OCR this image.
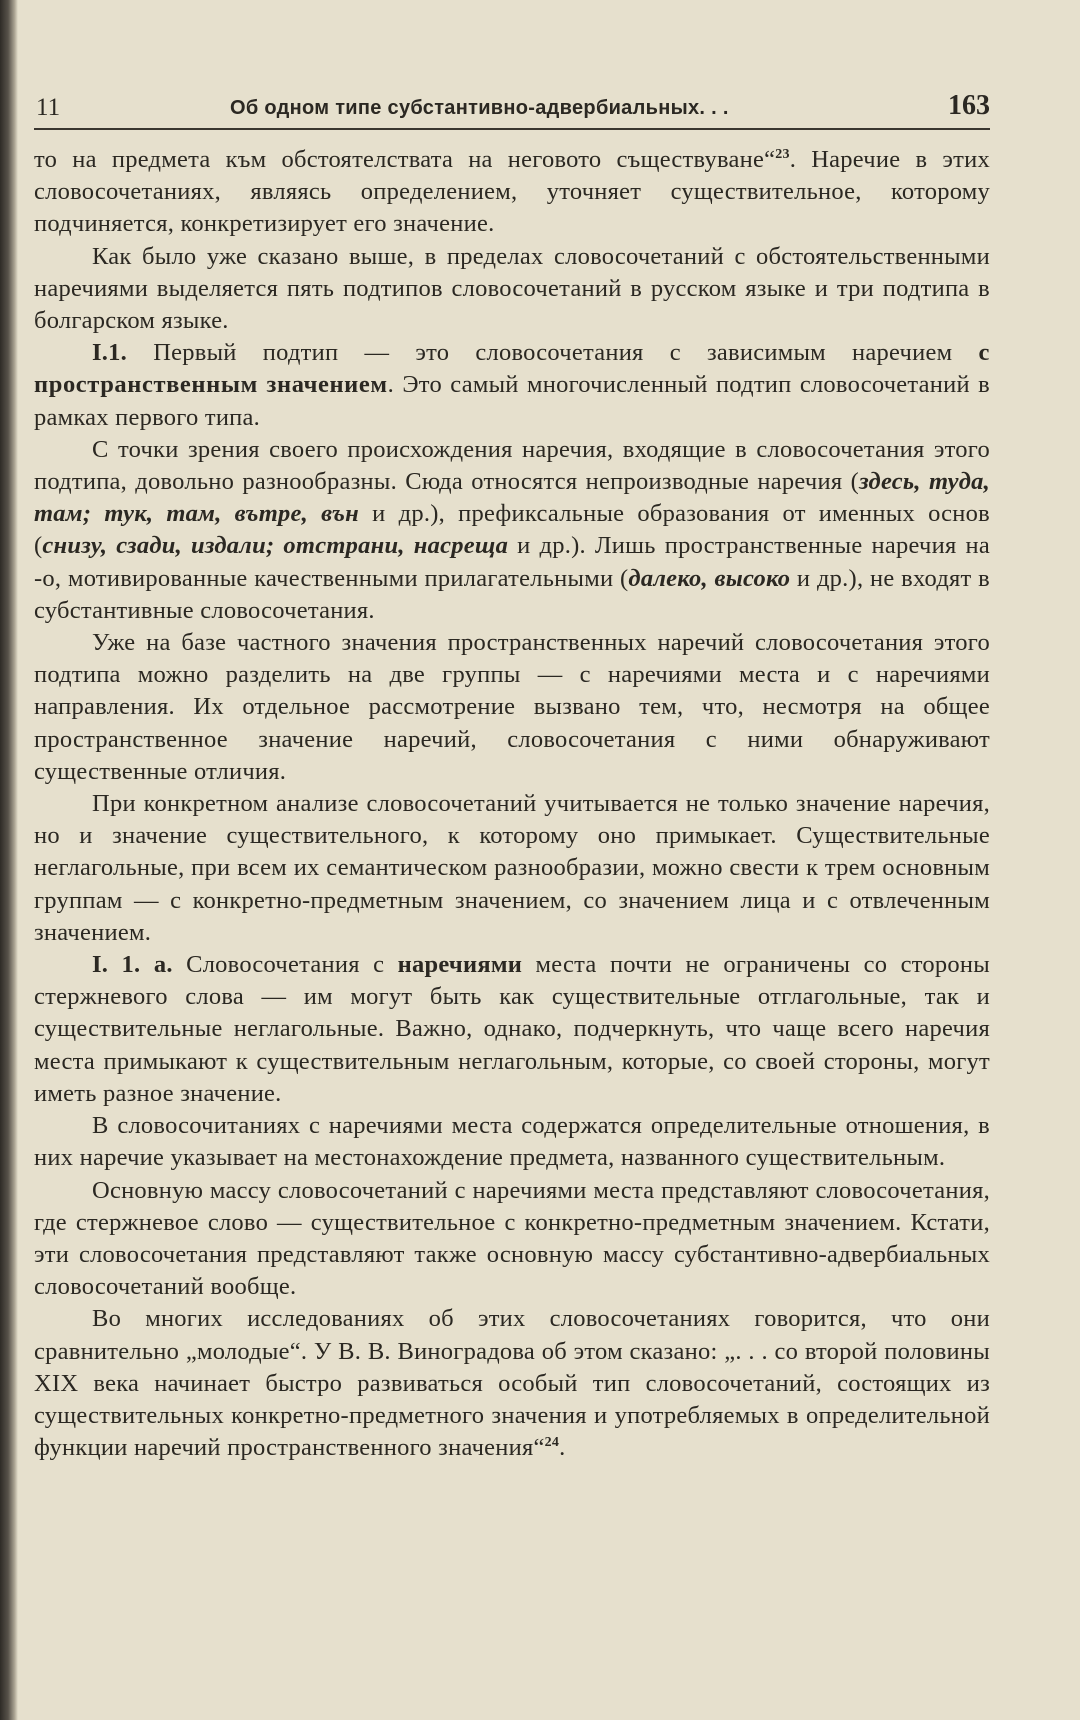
11	Об одном типе субстантивно-адвербиальных. . .	163

то на предмета към обстоятелствата на неговото съществуване“$^{23}$. Наречие в этих словосочетаниях, являясь определением, уточняет существительное, которому подчиняется, конкретизирует его значение.

Как было уже сказано выше, в пределах словосочетаний с обстоятельственными наречиями выделяется пять подтипов словосочетаний в русском языке и три подтипа в болгарском языке.

I.1. Первый подтип — это словосочетания с зависимым наречием с пространственным значением. Это самый многочисленный подтип словосочетаний в рамках первого типа.

С точки зрения своего происхождения наречия, входящие в словосочетания этого подтипа, довольно разнообразны. Сюда относятся непроизводные наречия (здесь, туда, там; тук, там, вътре, вън и др.), префиксальные образования от именных основ (снизу, сзади, издали; отстрани, насреща и др.). Лишь пространственные наречия на -о, мотивированные качественными прилагательными (далеко, высоко и др.), не входят в субстантивные словосочетания.

Уже на базе частного значения пространственных наречий словосочетания этого подтипа можно разделить на две группы — с наречиями места и с наречиями направления. Их отдельное рассмотрение вызвано тем, что, несмотря на общее пространственное значение наречий, словосочетания с ними обнаруживают существенные отличия.

При конкретном анализе словосочетаний учитывается не только значение наречия, но и значение существительного, к которому оно примыкает. Существительные неглагольные, при всем их семантическом разнообразии, можно свести к трем основным группам — с конкретно-предметным значением, со значением лица и с отвлеченным значением.

I. 1. а. Словосочетания с наречиями места почти не ограничены со стороны стержневого слова — им могут быть как существительные отглагольные, так и существительные неглагольные. Важно, однако, подчеркнуть, что чаще всего наречия места примыкают к существительным неглагольным, которые, со своей стороны, могут иметь разное значение.

В словосочитаниях с наречиями места содержатся определительные отношения, в них наречие указывает на местонахождение предмета, названного существительным.

Основную массу словосочетаний с наречиями места представляют словосочетания, где стержневое слово — существительное с конкретно-предметным значением. Кстати, эти словосочетания представляют также основную массу субстантивно-адвербиальных словосочетаний вообще.

Во многих исследованиях об этих словосочетаниях говорится, что они сравнительно „молодые“. У В. В. Виноградова об этом сказано: „. . . со второй половины XIX века начинает быстро развиваться особый тип словосочетаний, состоящих из существительных конкретно-предметного значения и употребляемых в определительной функции наречий пространственного значения“$^{24}$.
